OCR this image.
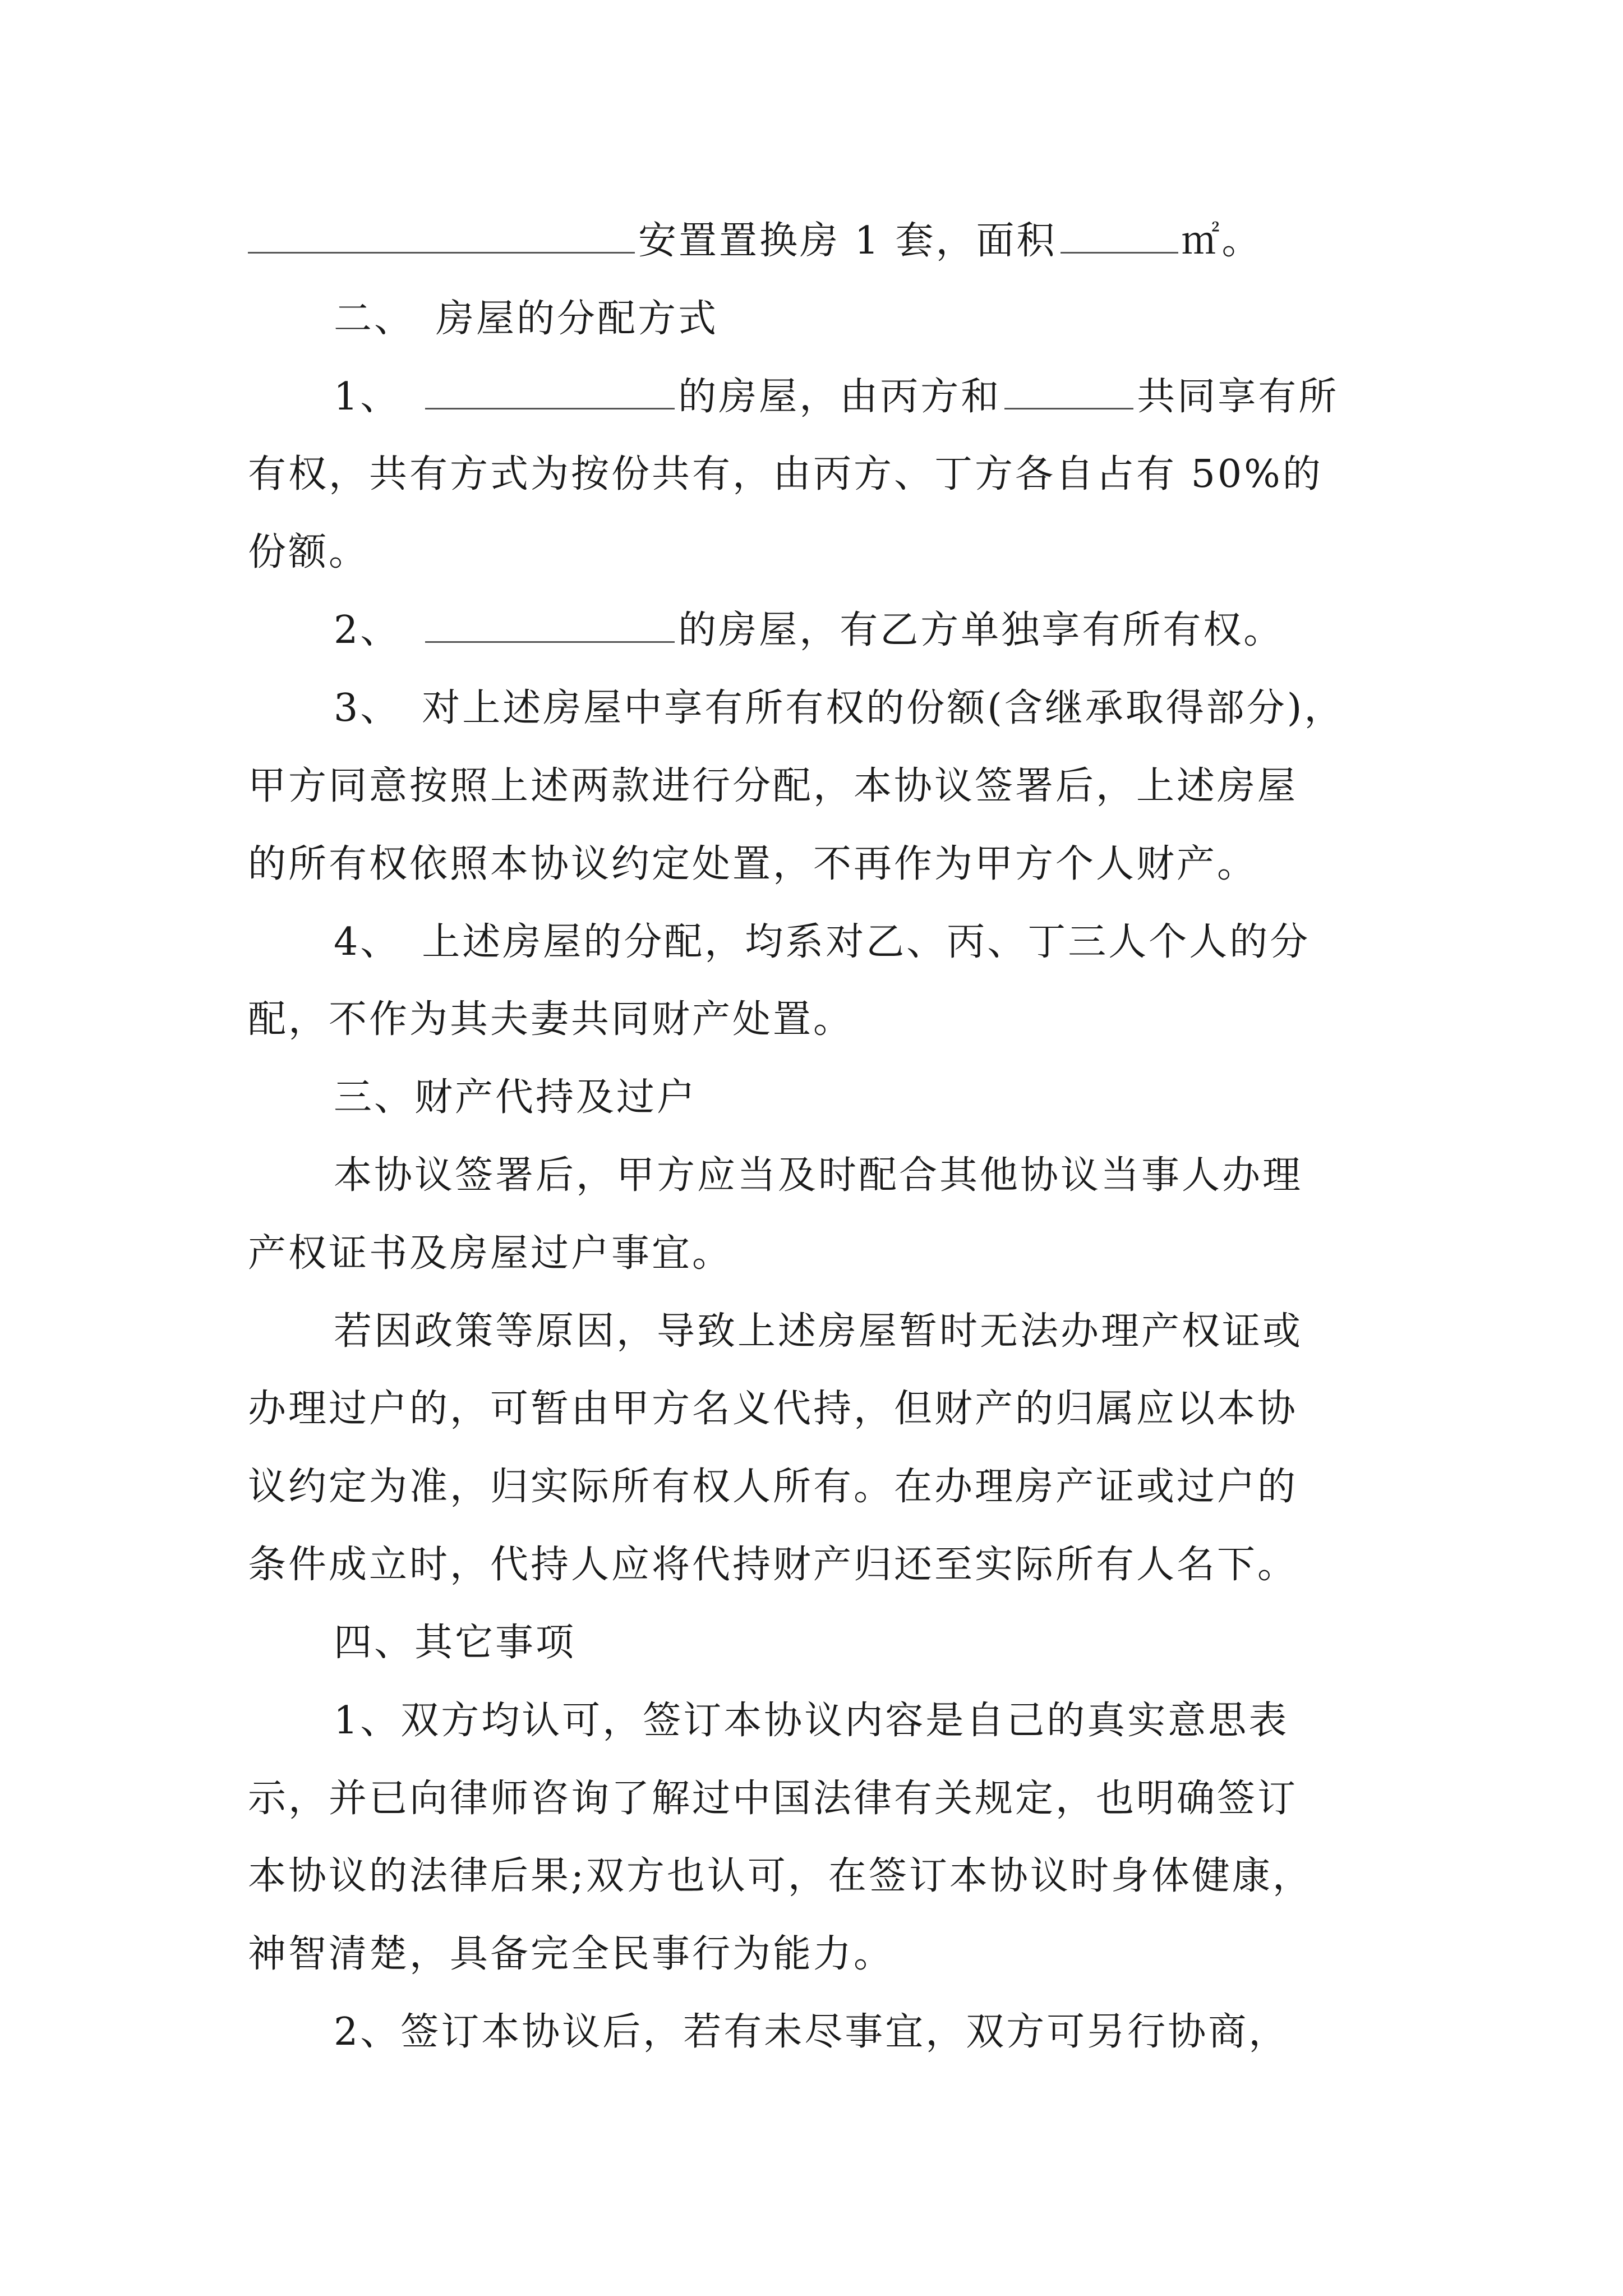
安置置换房 1 套，面积	㎡。
二、　房屋的分配方式
1、　	的房屋，由丙方和	共同享有所
有权，共有方式为按份共有，由丙方、丁方各自占有 50%的
份额。
2、　	的房屋，有乙方单独享有所有权。
3、　对上述房屋中享有所有权的份额(含继承取得部分)，
甲方同意按照上述两款进行分配，本协议签署后，上述房屋
的所有权依照本协议约定处置，不再作为甲方个人财产。
4、　上述房屋的分配，均系对乙、丙、丁三人个人的分
配，不作为其夫妻共同财产处置。
三、财产代持及过户
本协议签署后，甲方应当及时配合其他协议当事人办理
产权证书及房屋过户事宜。
若因政策等原因，导致上述房屋暂时无法办理产权证或
办理过户的，可暂由甲方名义代持，但财产的归属应以本协
议约定为准，归实际所有权人所有。在办理房产证或过户的
条件成立时，代持人应将代持财产归还至实际所有人名下。
四、其它事项
1、双方均认可，签订本协议内容是自己的真实意思表
示，并已向律师咨询了解过中国法律有关规定，也明确签订
本协议的法律后果;双方也认可，在签订本协议时身体健康，
神智清楚，具备完全民事行为能力。
2、签订本协议后，若有未尽事宜，双方可另行协商，
